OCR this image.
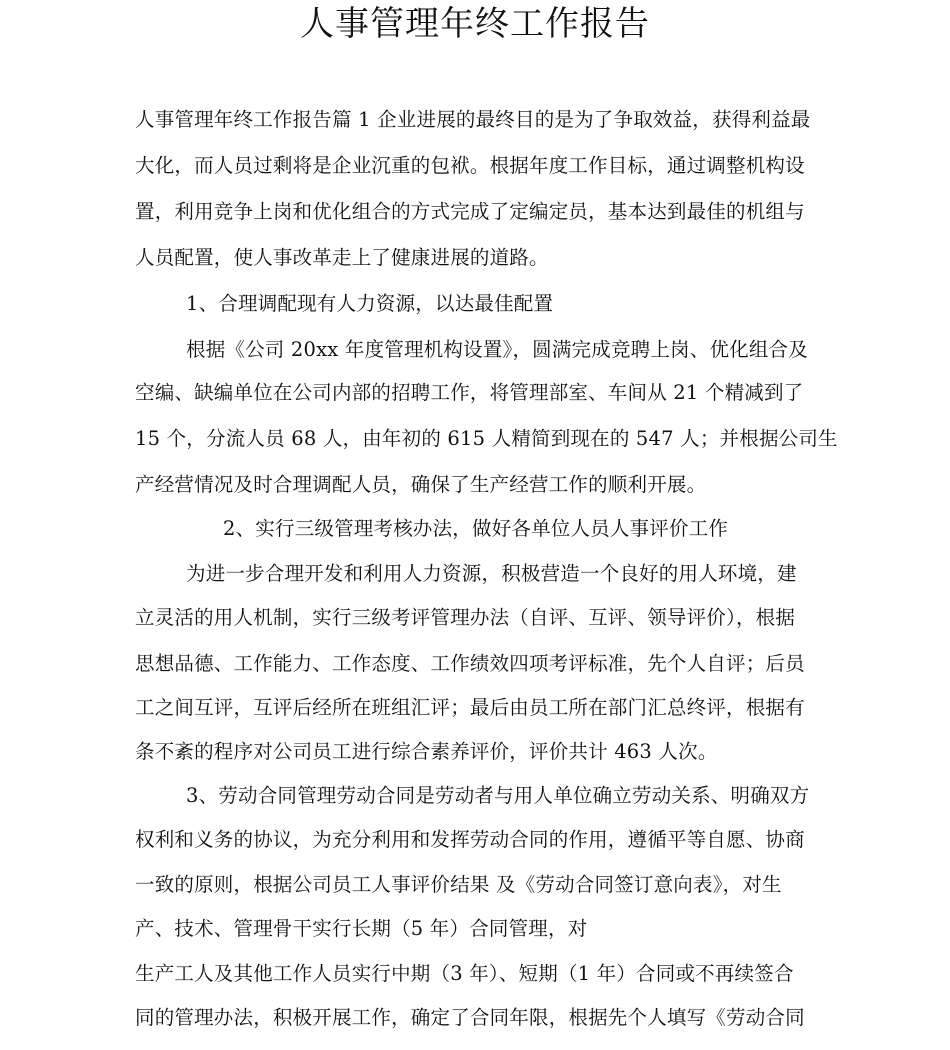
人事管理年终工作报告
人事管理年终工作报告篇 1 企业进展的最终目的是为了争取效益，获得利益最
大化，而人员过剩将是企业沉重的包袱。根据年度工作目标，通过调整机构设
置，利用竞争上岗和优化组合的方式完成了定编定员，基本达到最佳的机组与
人员配置，使人事改革走上了健康进展的道路。
1、合理调配现有人力资源，以达最佳配置
根据《公司 20xx 年度管理机构设置》，圆满完成竞聘上岗、优化组合及
空编、缺编单位在公司内部的招聘工作，将管理部室、车间从 21 个精减到了
15 个，分流人员 68 人，由年初的 615 人精简到现在的 547 人；并根据公司生
产经营情况及时合理调配人员，确保了生产经营工作的顺利开展。
2、实行三级管理考核办法，做好各单位人员人事评价工作
为进一步合理开发和利用人力资源，积极营造一个良好的用人环境，建
立灵活的用人机制，实行三级考评管理办法（自评、互评、领导评价），根据
思想品德、工作能力、工作态度、工作绩效四项考评标准，先个人自评；后员
工之间互评，互评后经所在班组汇评；最后由员工所在部门汇总终评，根据有
条不紊的程序对公司员工进行综合素养评价，评价共计 463 人次。
3、劳动合同管理劳动合同是劳动者与用人单位确立劳动关系、明确双方
权利和义务的协议，为充分利用和发挥劳动合同的作用，遵循平等自愿、协商
一致的原则，根据公司员工人事评价结果 及《劳动合同签订意向表》，对生
产、技术、管理骨干实行长期（5 年）合同管理，对
生产工人及其他工作人员实行中期（3 年）、短期（1 年）合同或不再续签合
同的管理办法，积极开展工作，确定了合同年限，根据先个人填写《劳动合同
